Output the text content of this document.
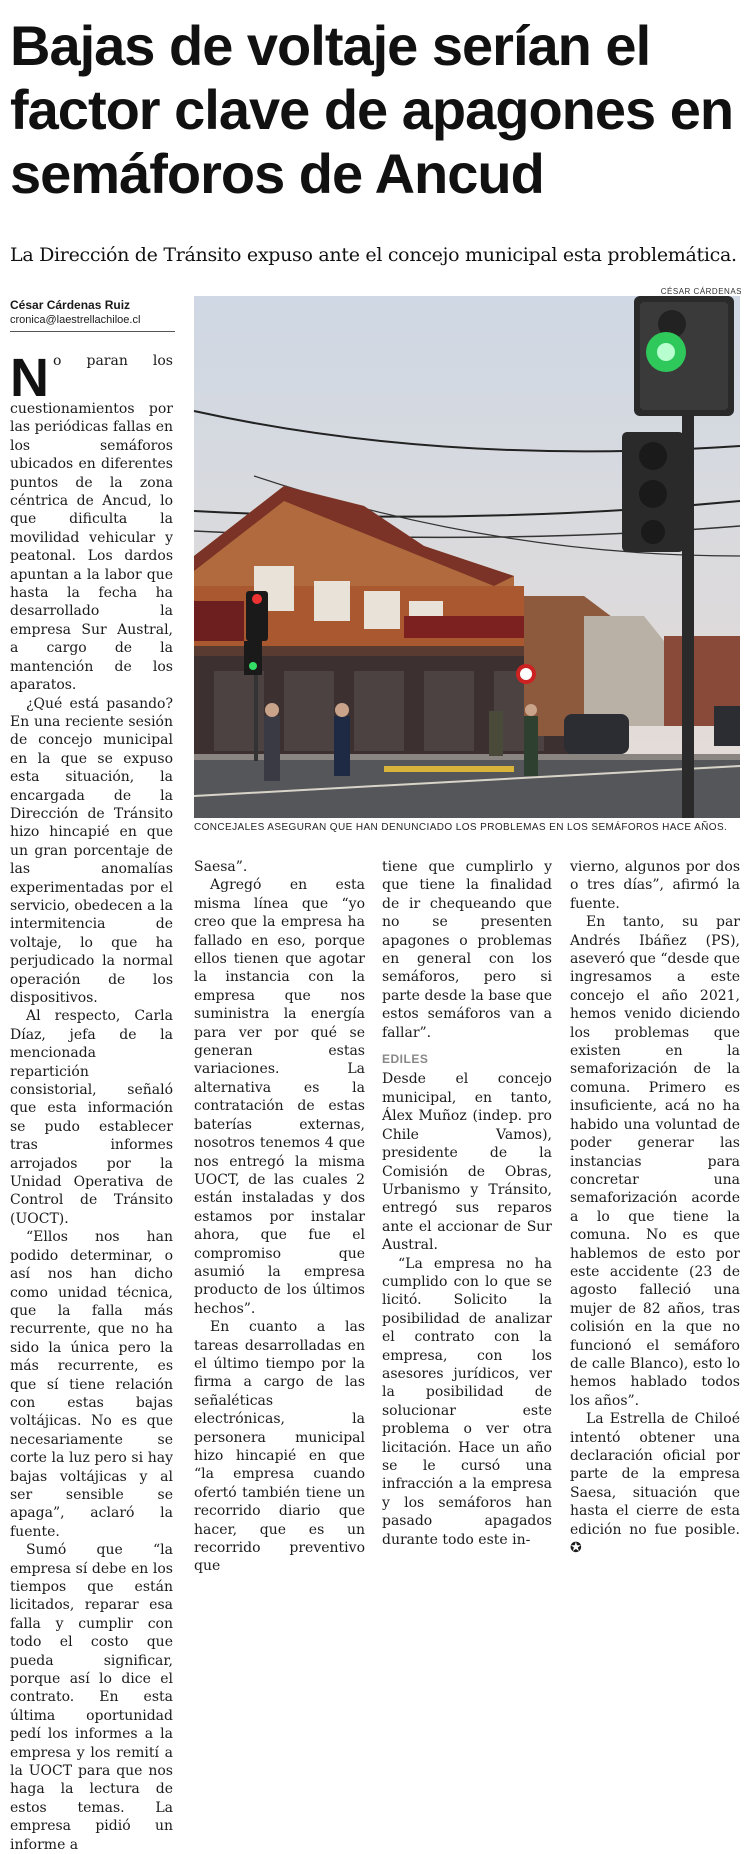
Bajas de voltaje serían el factor clave de apagones en semáforos de Ancud
La Dirección de Tránsito expuso ante el concejo municipal esta problemática.
CÉSAR CÁRDENAS
César Cárdenas Ruiz
cronica@laestrellachiloe.cl
N o paran los cuestionamientos por las periódicas fallas en los semáforos ubicados en diferentes puntos de la zona céntrica de Ancud, lo que dificulta la movilidad vehicular y peatonal. Los dardos apuntan a la labor que hasta la fecha ha desarrollado la empresa Sur Austral, a cargo de la mantención de los aparatos.

¿Qué está pasando? En una reciente sesión de concejo municipal en la que se expuso esta situación, la encargada de la Dirección de Tránsito hizo hincapié en que un gran porcentaje de las anomalías experimentadas por el servicio, obedecen a la intermitencia de voltaje, lo que ha perjudicado la normal operación de los dispositivos.

Al respecto, Carla Díaz, jefa de la mencionada repartición consistorial, señaló que esta información se pudo establecer tras informes arrojados por la Unidad Operativa de Control de Tránsito (UOCT).

“Ellos nos han podido determinar, o así nos han dicho como unidad técnica, que la falla más recurrente, que no ha sido la única pero la más recurrente, es que sí tiene relación con estas bajas voltájicas. No es que necesariamente se corte la luz pero si hay bajas voltájicas y al ser sensible se apaga”, aclaró la fuente.

Sumó que “la empresa sí debe en los tiempos que están licitados, reparar esa falla y cumplir con todo el costo que pueda significar, porque así lo dice el contrato. En esta última oportunidad pedí los informes a la empresa y los remití a la UOCT para que nos haga la lectura de estos temas. La empresa pidió un informe a

CONCEJALES ASEGURAN QUE HAN DENUNCIADO LOS PROBLEMAS EN LOS SEMÁFOROS HACE AÑOS.

Saesa”.

Agregó en esta misma línea que “yo creo que la empresa ha fallado en eso, porque ellos tienen que agotar la instancia con la empresa que nos suministra la energía para ver por qué se generan estas variaciones. La alternativa es la contratación de estas baterías externas, nosotros tenemos 4 que nos entregó la misma UOCT, de las cuales 2 están instaladas y dos estamos por instalar ahora, que fue el compromiso que asumió la empresa producto de los últimos hechos”.

En cuanto a las tareas desarrolladas en el último tiempo por la firma a cargo de las señaléticas electrónicas, la personera municipal hizo hincapié en que “la empresa cuando ofertó también tiene un recorrido diario que hacer, que es un recorrido preventivo que

tiene que cumplirlo y que tiene la finalidad de ir chequeando que no se presenten apagones o problemas en general con los semáforos, pero si parte desde la base que estos semáforos van a fallar”.

EDILES

Desde el concejo municipal, en tanto, Álex Muñoz (indep. pro Chile Vamos), presidente de la Comisión de Obras, Urbanismo y Tránsito, entregó sus reparos ante el accionar de Sur Austral.

“La empresa no ha cumplido con lo que se licitó. Solicito la posibilidad de analizar el contrato con la empresa, con los asesores jurídicos, ver la posibilidad de solucionar este problema o ver otra licitación. Hace un año se le cursó una infracción a la empresa y los semáforos han pasado apagados durante todo este in-

vierno, algunos por dos o tres días”, afirmó la fuente.

En tanto, su par Andrés Ibáñez (PS), aseveró que “desde que ingresamos a este concejo el año 2021, hemos venido diciendo los problemas que existen en la semaforización de la comuna. Primero es insuficiente, acá no ha habido una voluntad de poder generar las instancias para concretar una semaforización acorde a lo que tiene la comuna. No es que hablemos de esto por este accidente (23 de agosto falleció una mujer de 82 años, tras colisión en la que no funcionó el semáforo de calle Blanco), esto lo hemos hablado todos los años”.

La Estrella de Chiloé intentó obtener una declaración oficial por parte de la empresa Saesa, situación que hasta el cierre de esta edición no fue posible. ✪
